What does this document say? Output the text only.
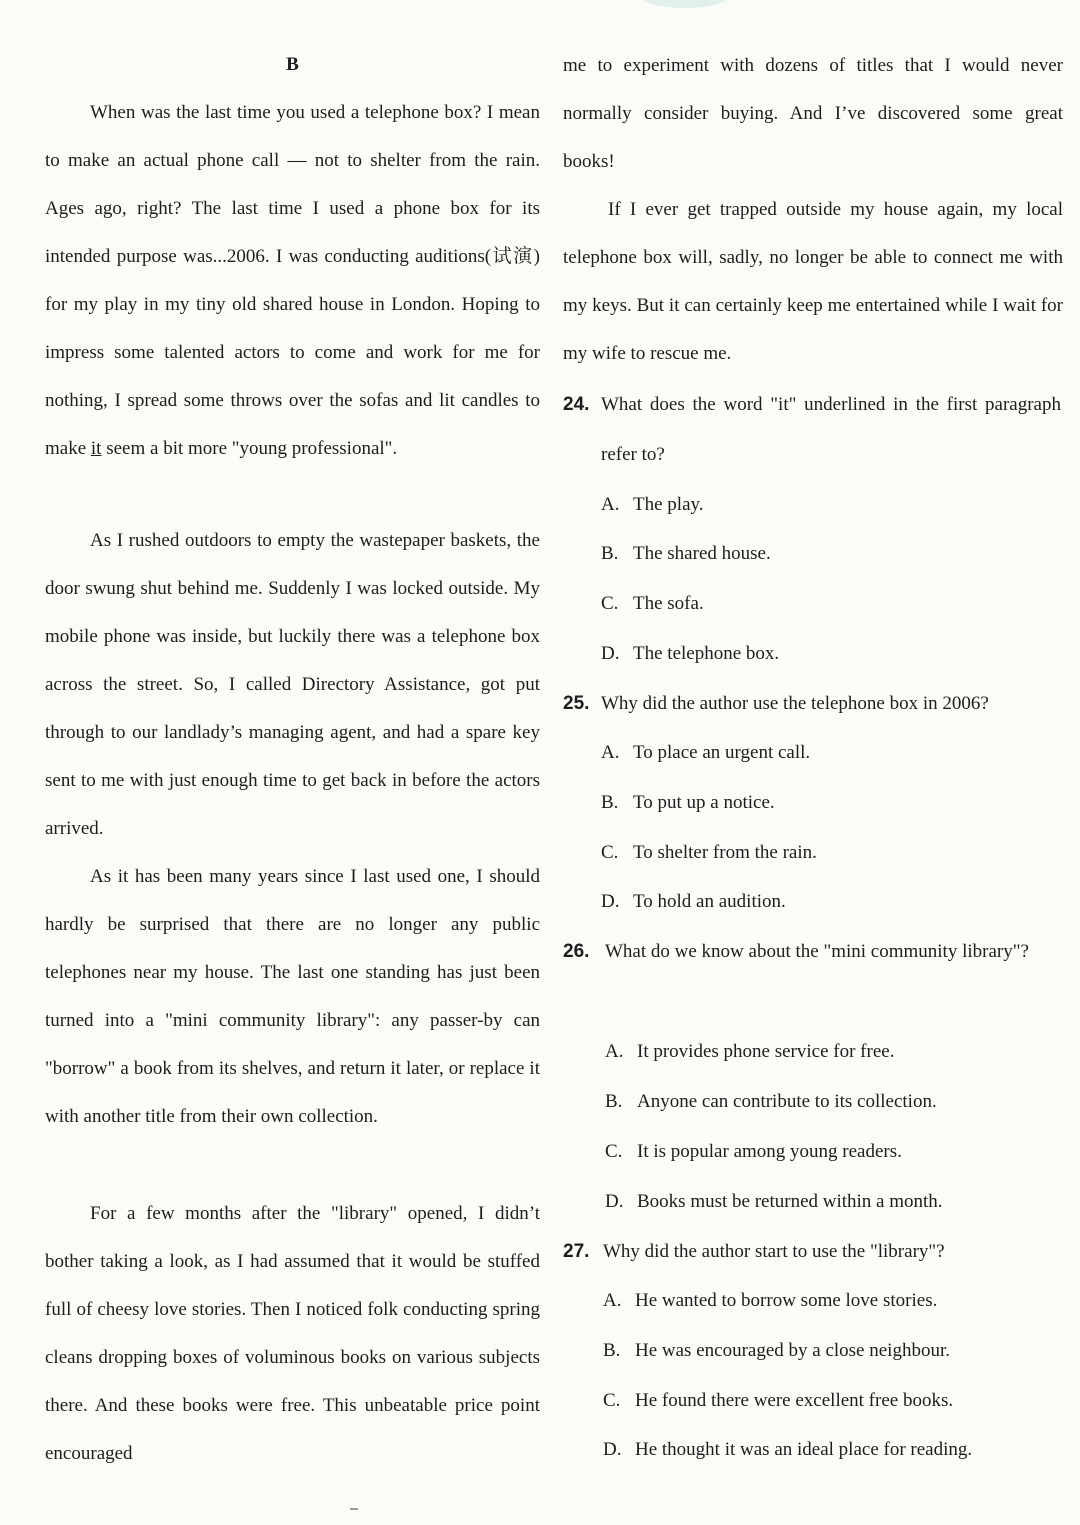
B
When was the last time you used a telephone box? I mean to make an actual phone call — not to shelter from the rain. Ages ago, right? The last time I used a phone box for its intended purpose was...2006. I was conducting auditions(试演) for my play in my tiny old shared house in London. Hoping to impress some talented actors to come and work for me for nothing, I spread some throws over the sofas and lit candles to make it seem a bit more "young professional".
As I rushed outdoors to empty the wastepaper baskets, the door swung shut behind me. Suddenly I was locked outside. My mobile phone was inside, but luckily there was a telephone box across the street. So, I called Directory Assistance, got put through to our landlady’s managing agent, and had a spare key sent to me with just enough time to get back in before the actors arrived.
As it has been many years since I last used one, I should hardly be surprised that there are no longer any public telephones near my house. The last one standing has just been turned into a "mini community library": any passer-by can "borrow" a book from its shelves, and return it later, or replace it with another title from their own collection.
For a few months after the "library" opened, I didn’t bother taking a look, as I had assumed that it would be stuffed full of cheesy love stories. Then I noticed folk conducting spring cleans dropping boxes of voluminous books on various subjects there. And these books were free. This unbeatable price point encouraged
me to experiment with dozens of titles that I would never normally consider buying. And I’ve discovered some great books!
If I ever get trapped outside my house again, my local telephone box will, sadly, no longer be able to connect me with my keys. But it can certainly keep me entertained while I wait for my wife to rescue me.
24. What does the word "it" underlined in the first paragraph refer to?
A. The play.
B. The shared house.
C. The sofa.
D. The telephone box.
25. Why did the author use the telephone box in 2006?
A. To place an urgent call.
B. To put up a notice.
C. To shelter from the rain.
D. To hold an audition.
26. What do we know about the "mini community library"?
A. It provides phone service for free.
B. Anyone can contribute to its collection.
C. It is popular among young readers.
D. Books must be returned within a month.
27. Why did the author start to use the "library"?
A. He wanted to borrow some love stories.
B. He was encouraged by a close neighbour.
C. He found there were excellent free books.
D. He thought it was an ideal place for reading.
